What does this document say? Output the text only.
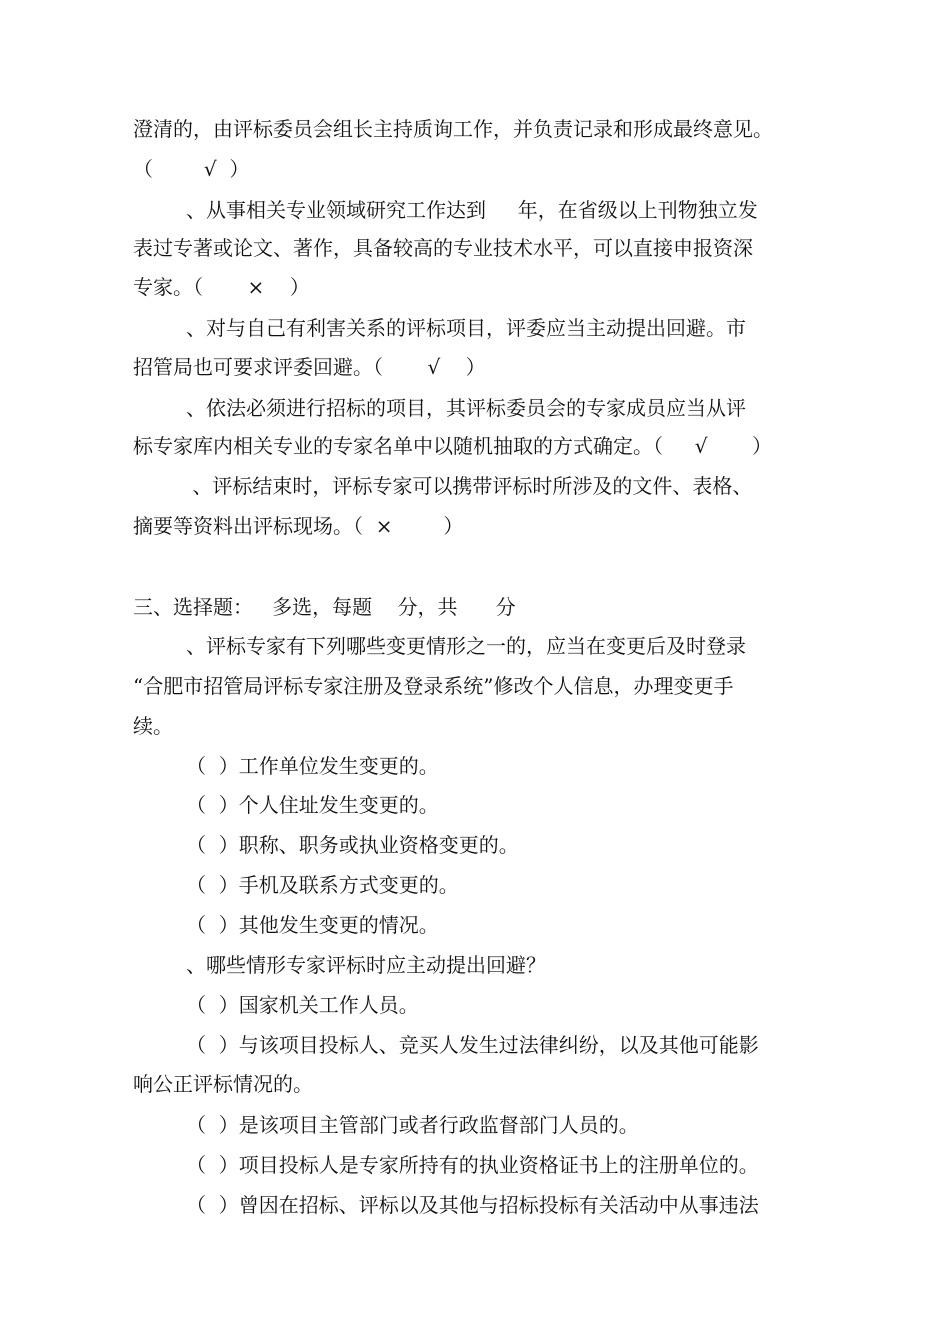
澄清的，由评标委员会组长主持质询工作，并负责记录和形成最终意见。
（        √  ）
、从事相关专业领域研究工作达到     年，在省级以上刊物独立发
表过专著或论文、著作，具备较高的专业技术水平，可以直接申报资深
专家。（       ×    ）
、对与自己有利害关系的评标项目，评委应当主动提出回避。市
招管局也可要求评委回避。（       √    ）
、依法必须进行招标的项目，其评标委员会的专家成员应当从评
标专家库内相关专业的专家名单中以随机抽取的方式确定。（     √       ）
、评标结束时，评标专家可以携带评标时所涉及的文件、表格、
摘要等资料出评标现场。（  ×        ）
三、选择题：   多选，每题    分，共      分
、评标专家有下列哪些变更情形之一的，应当在变更后及时登录
“合肥市招管局评标专家注册及登录系统”修改个人信息，办理变更手
续。
（  ）工作单位发生变更的。
（  ）个人住址发生变更的。
（  ）职称、职务或执业资格变更的。
（  ）手机及联系方式变更的。
（  ）其他发生变更的情况。
、哪些情形专家评标时应主动提出回避？
（  ）国家机关工作人员。
（  ）与该项目投标人、竞买人发生过法律纠纷，以及其他可能影
响公正评标情况的。
（  ）是该项目主管部门或者行政监督部门人员的。
（  ）项目投标人是专家所持有的执业资格证书上的注册单位的。
（  ）曾因在招标、评标以及其他与招标投标有关活动中从事违法
